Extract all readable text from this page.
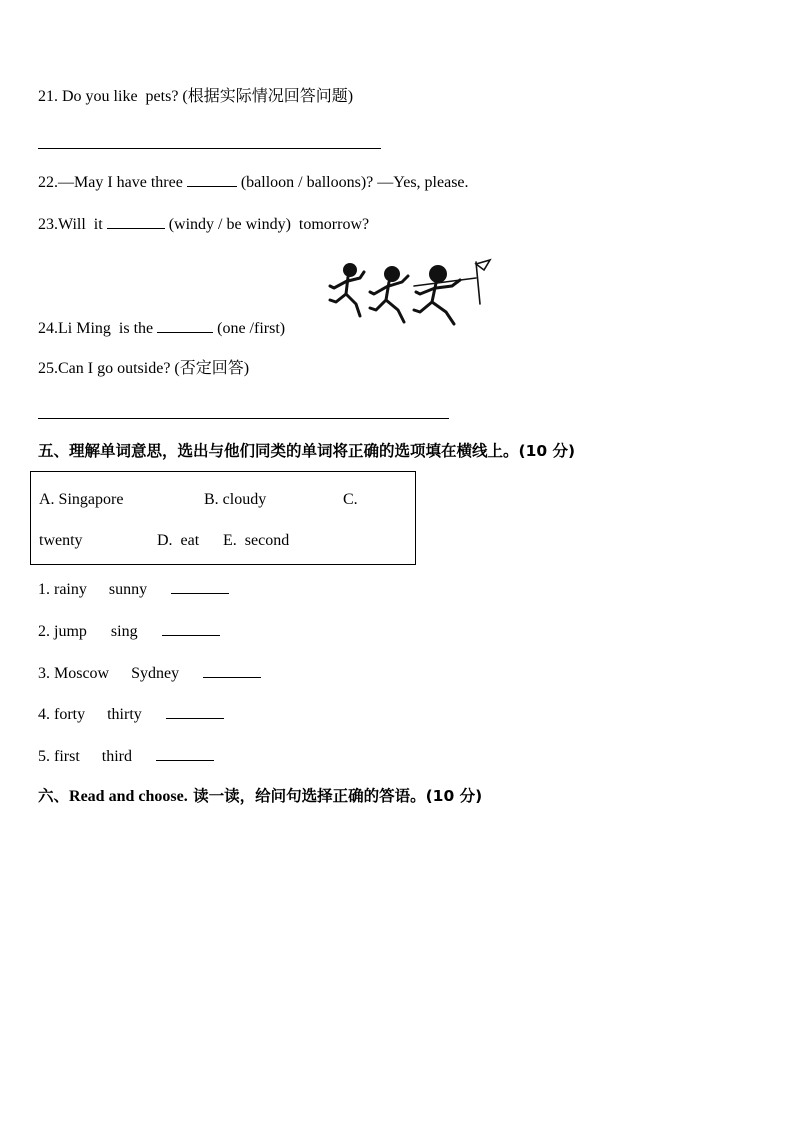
21. Do you like  pets? (根据实际情况回答问题)
22.—May I have three	(balloon / balloons)? —Yes, please.
23.Will  it	(windy / be windy)  tomorrow?
24.Li Ming  is the	(one /first)
25.Can I go outside? (否定回答)
五、理解单词意思，选出与他们同类的单词将正确的选项填在横线上。(10 分)
A. Singapore	B. cloudy	C.
twenty	D.  eat E.  second
1. rainy sunny
2. jump sing
3. Moscow Sydney
4. forty thirty
5. first third
六、Read and choose. 读一读，给问句选择正确的答语。(10 分)
